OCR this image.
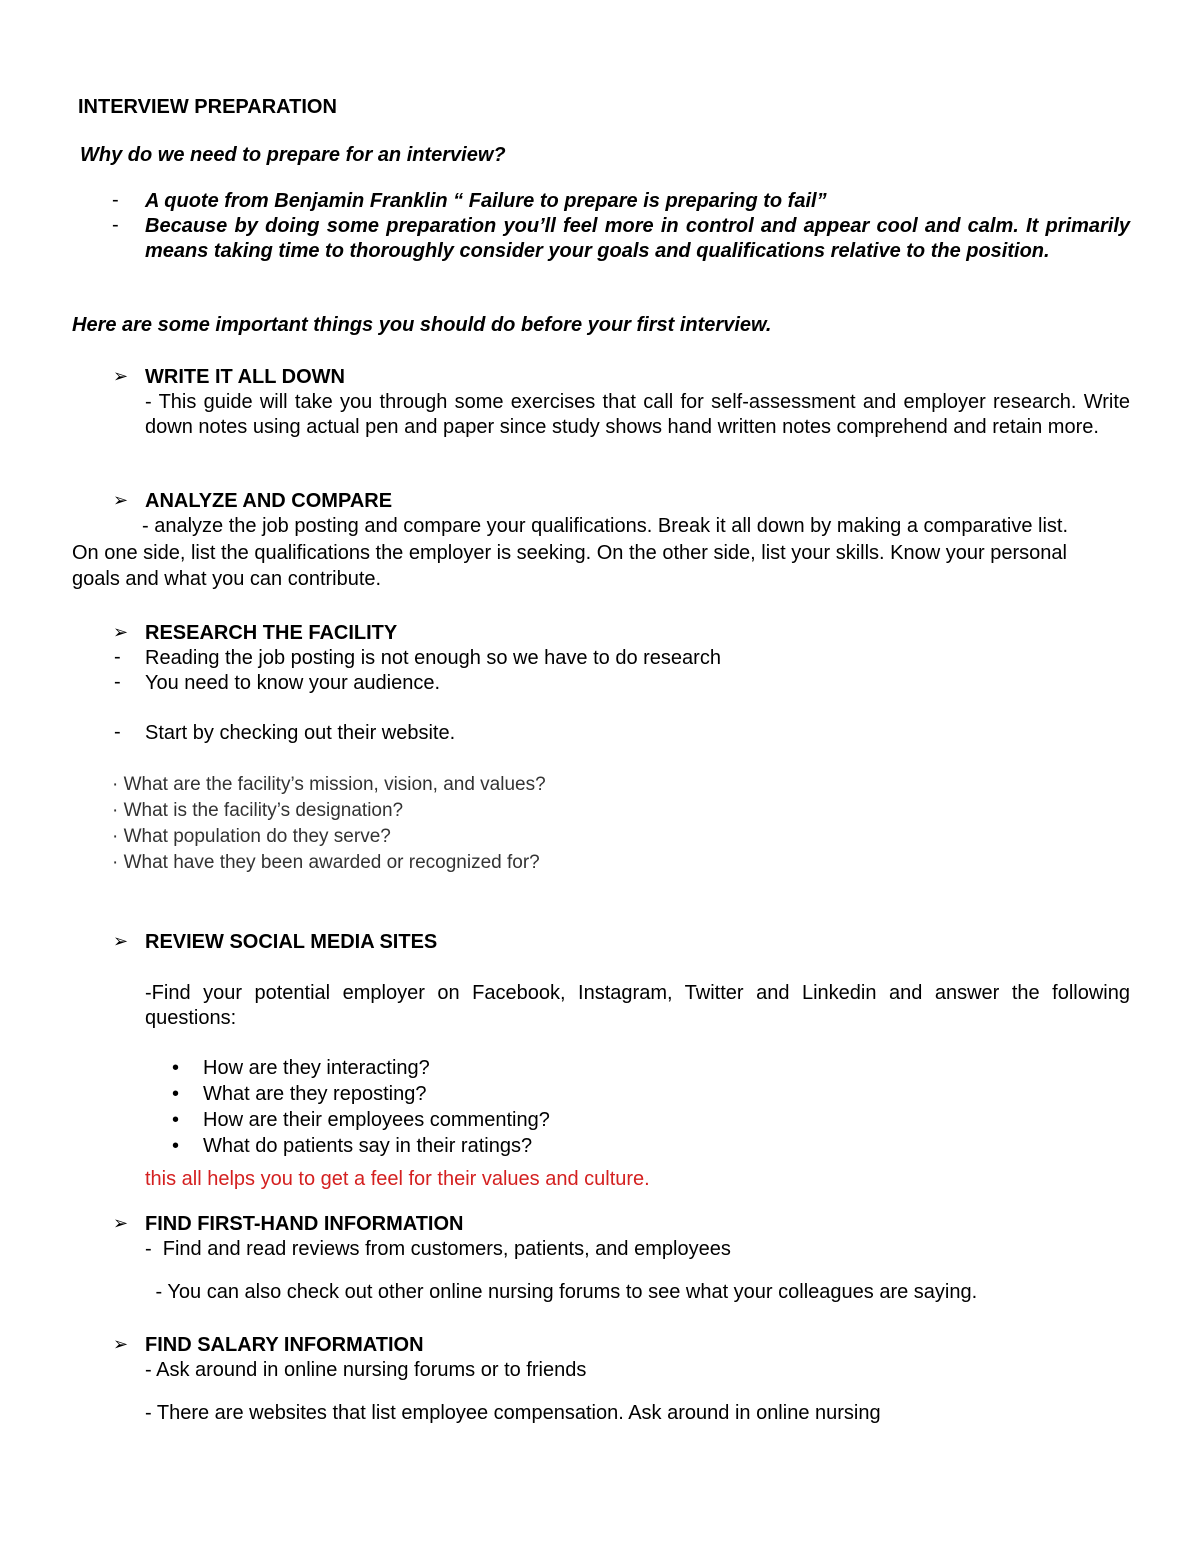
INTERVIEW PREPARATION
Why do we need to prepare for an interview?
- A quote from Benjamin Franklin “ Failure to prepare is preparing to fail”
- Because by doing some preparation you’ll feel more in control and appear cool and calm. It primarily means taking time to thoroughly consider your goals and qualifications relative to the position.
Here are some important things you should do before your first interview.
➢ WRITE IT ALL DOWN
- This guide will take you through some exercises that call for self-assessment and employer research. Write down notes using actual pen and paper since study shows hand written notes comprehend and retain more.
➢ ANALYZE AND COMPARE
- analyze the job posting and compare your qualifications. Break it all down by making a comparative list.
On one side, list the qualifications the employer is seeking. On the other side, list your skills. Know your personal
goals and what you can contribute.
➢ RESEARCH THE FACILITY
- Reading the job posting is not enough so we have to do research
- You need to know your audience.
- Start by checking out their website.
· What are the facility’s mission, vision, and values?
· What is the facility’s designation?
· What population do they serve?
· What have they been awarded or recognized for?
➢ REVIEW SOCIAL MEDIA SITES
-Find your potential employer on Facebook, Instagram, Twitter and Linkedin and answer the following questions:
• How are they interacting?
• What are they reposting?
• How are their employees commenting?
• What do patients say in their ratings?
this all helps you to get a feel for their values and culture.
➢ FIND FIRST-HAND INFORMATION
-  Find and read reviews from customers, patients, and employees
- You can also check out other online nursing forums to see what your colleagues are saying.
➢ FIND SALARY INFORMATION
- Ask around in online nursing forums or to friends
- There are websites that list employee compensation. Ask around in online nursing
